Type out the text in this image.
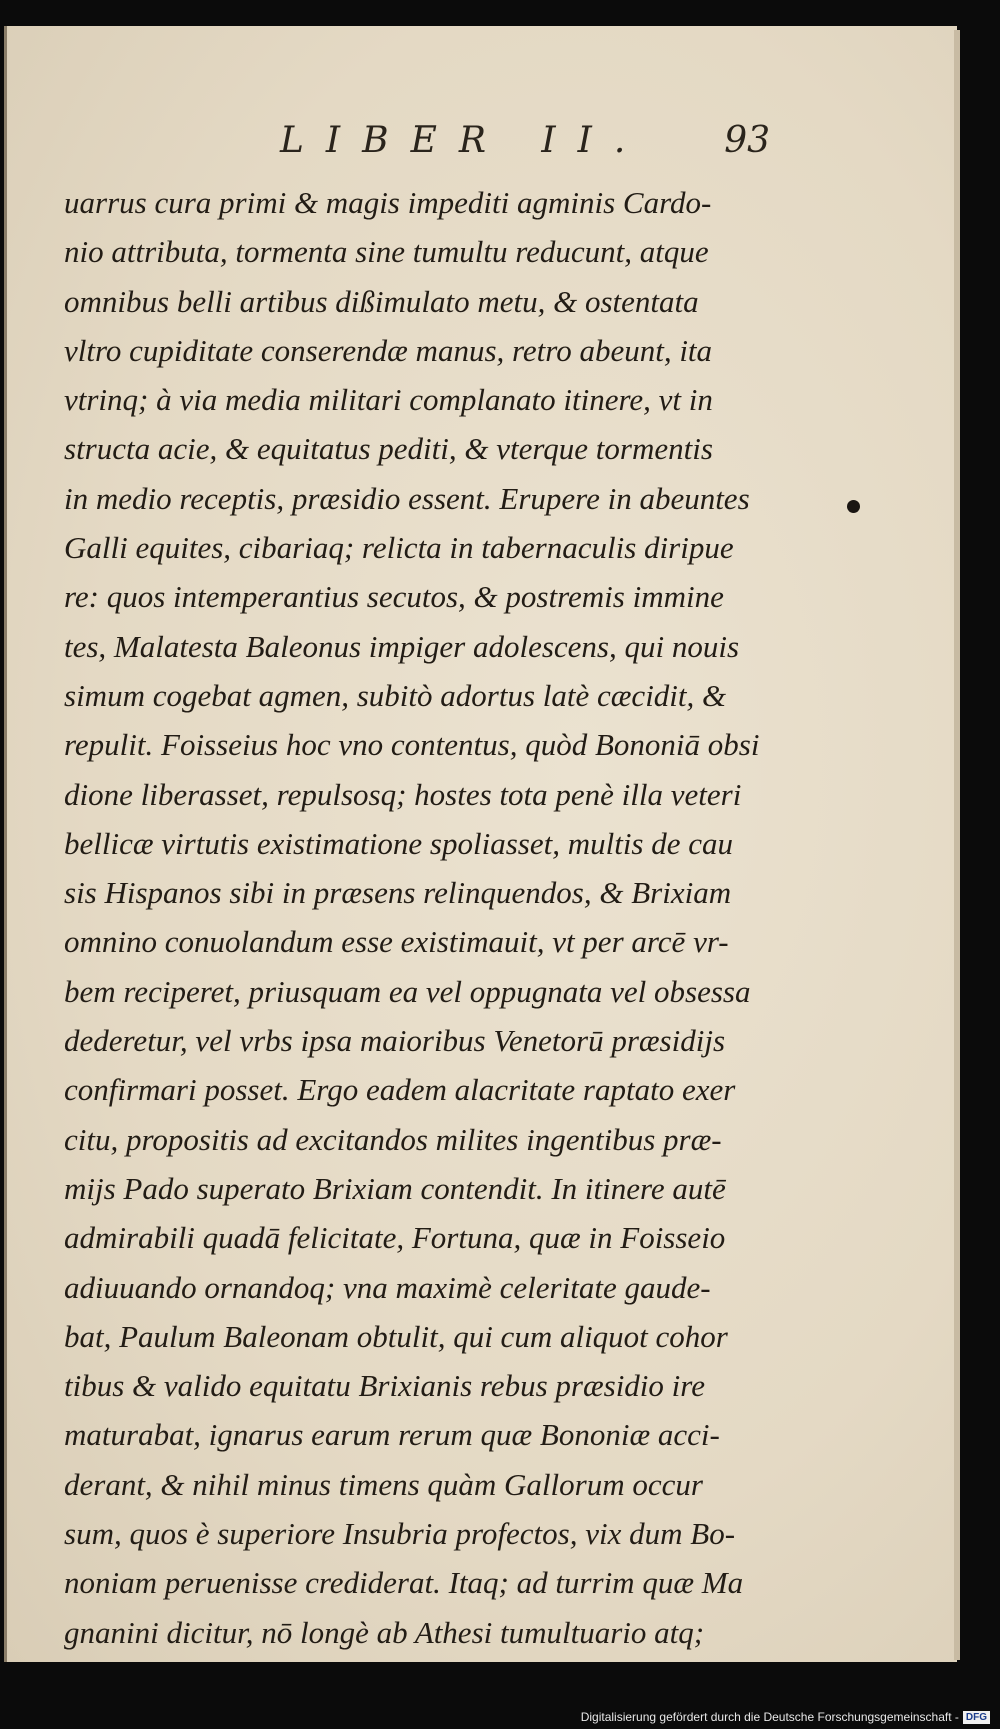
LIBER II. 93
uarrus cura primi & magis impediti agminis Cardo-
nio attributa, tormenta sine tumultu reducunt, atque
omnibus belli artibus dißimulato metu, & ostentata
vltro cupiditate conserendæ manus, retro abeunt, ita
vtrinq; à via media militari complanato itinere, vt in
structa acie, & equitatus pediti, & vterque tormentis
in medio receptis, præsidio essent. Erupere in abeuntes
Galli equites, cibariaq; relicta in tabernaculis diripue
re: quos intemperantius secutos, & postremis immine
tes, Malatesta Baleonus impiger adolescens, qui nouis
simum cogebat agmen, subitò adortus latè cæcidit, &
repulit. Foisseius hoc vno contentus, quòd Bononiā obsi
dione liberasset, repulsosq; hostes tota penè illa veteri
bellicæ virtutis existimatione spoliasset, multis de cau
sis Hispanos sibi in præsens relinquendos, & Brixiam
omnino conuolandum esse existimauit, vt per arcē vr-
bem reciperet, priusquam ea vel oppugnata vel obsessa
dederetur, vel vrbs ipsa maioribus Venetorū præsidijs
confirmari posset. Ergo eadem alacritate raptato exer
citu, propositis ad excitandos milites ingentibus præ-
mijs Pado superato Brixiam contendit. In itinere autē
admirabili quadā felicitate, Fortuna, quæ in Foisseio
adiuuando ornandoq; vna maximè celeritate gaude-
bat, Paulum Baleonam obtulit, qui cum aliquot cohor
tibus & valido equitatu Brixianis rebus præsidio ire
maturabat, ignarus earum rerum quæ Bononiæ acci-
derant, & nihil minus timens quàm Gallorum occur
sum, quos è superiore Insubria profectos, vix dum Bo-
noniam peruenisse crediderat. Itaq; ad turrim quæ Ma
gnanini dicitur, nō longè ab Athesi tumultuario atq;
Digitalisierung gefördert durch die Deutsche Forschungsgemeinschaft - DFG
